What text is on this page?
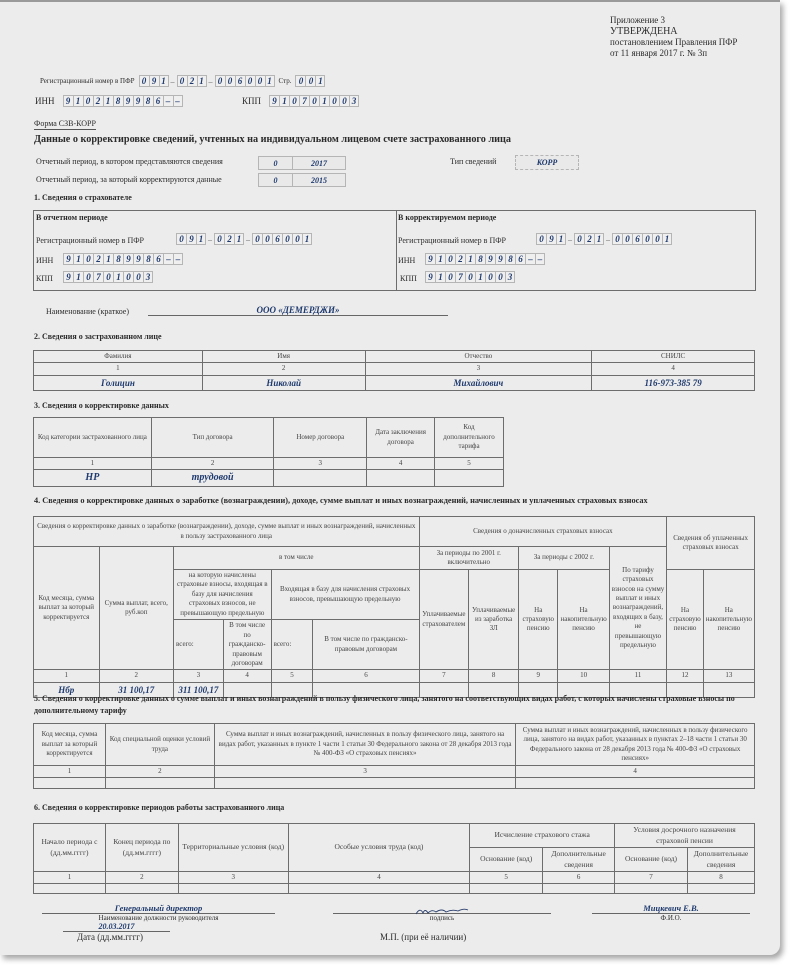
Приложение 3
УТВЕРЖДЕНА
постановлением Правления ПФР
от 11 января 2017 г. № 3п
Регистрационный номер в ПФР 0 9 1 – 0 2 1 – 0 0 6 0 0 1 Стр. 0 0 1
ИНН	9 1 0 2 1 8 9 9 8 6 – –	КПП	9 1 0 7 0 1 0 0 3
Форма СЗВ-КОРР
Данные о корректировке сведений, учтенных на индивидуальном лицевом счете застрахованного лица
Отчетный период, в котором представляются сведения	0	2017
Отчетный период, за который корректируются данные	0	2015
Тип сведений	КОРР
1. Сведения о страхователе
В отчетном периоде
Регистрационный номер в ПФР	0 9 1 – 0 2 1 – 0 0 6 0 0 1
ИНН	9 1 0 2 1 8 9 9 8 6 – –
КПП	9 1 0 7 0 1 0 0 3
В корректируемом периоде
Регистрационный номер в ПФР	0 9 1 – 0 2 1 – 0 0 6 0 0 1
ИНН	9 1 0 2 1 8 9 9 8 6 – –
КПП	9 1 0 7 0 1 0 0 3
Наименование (краткое)	ООО «ДЕМЕРДЖИ»
2. Сведения о застрахованном лице
Фамилия	Имя	Отчество	СНИЛС
1	2	3	4
Голицин	Николай	Михайлович	116-973-385 79
3. Сведения о корректировке данных
Код категории застрахованного лица	Тип договора	Номер договора	Дата заключения договора	Код дополнительного тарифа
1	2	3	4	5
НР	трудовой			
4. Сведения о корректировке данных о заработке (вознаграждении), доходе, сумме выплат и иных вознаграждений, начисленных и уплаченных страховых взносах
Сведения о корректировке данных о заработке (вознаграждении), доходе, сумме выплат и иных вознаграждений, начисленных в пользу застрахованного лица						Сведения о доначисленных страховых взносах					Сведения об уплаченных страховых взносах	
Код месяца, сумма выплат за который корректируется	Сумма выплат, всего, руб.коп	в том числе				За периоды по 2001 г. включительно		За периоды с 2002 г.		По тарифу страховых взносов на сумму выплат и иных вознаграждений, входящих в базу, не превышающую предельную		
		на которую начислены страховые взносы, входящая в базу для начисления страховых взносов, не превышающую предельную		Входящая в базу для начисления страховых взносов, превышающую предельную		Уплачиваемые страхователем	Уплачиваемые из заработка ЗЛ	На страховую пенсию	На накопительную пенсию		На страховую пенсию	На накопительную пенсию
		всего:	В том числе по гражданско-правовым договорам	всего:	В том числе по гражданско-правовым договорам							
1	2	3	4	5	6	7	8	9	10	11	12	13
Нбр	31 100,17	311 100,17										
5. Сведения о корректировке данных о сумме выплат и иных вознаграждений в пользу физического лица, занятого на соответствующих видах работ, с которых начислены страховые взносы по дополнительному тарифу
Код месяца, сумма выплат за который корректируется	Код специальной оценки условий труда	Сумма выплат и иных вознаграждений, начисленных в пользу физического лица, занятого на видах работ, указанных в пункте 1 части 1 статьи 30 Федерального закона от 28 декабря 2013 года № 400-ФЗ «О страховых пенсиях»	Сумма выплат и иных вознаграждений, начисленных в пользу физического лица, занятого на видах работ, указанных в пунктах 2–18 части 1 статьи 30 Федерального закона от 28 декабря 2013 года № 400-ФЗ «О страховых пенсиях»
1	2	3	4

6. Сведения о корректировке периодов работы застрахованного лица
Начало периода с (дд.мм.гггг)	Конец периода по (дд.мм.гггг)	Территориальные условия (код)	Особые условия труда (код)	Исчисление страхового стажа		Условия досрочного назначения страховой пенсии	
				Основание (код)	Дополнительные сведения	Основание (код)	Дополнительные сведения
1	2	3	4	5	6	7	8

Генеральный директор
Наименование должности руководителя	подпись
Мицкевич Е.В.
Ф.И.О.
20.03.2017
Дата (дд.мм.гггг)	М.П. (при её наличии)
